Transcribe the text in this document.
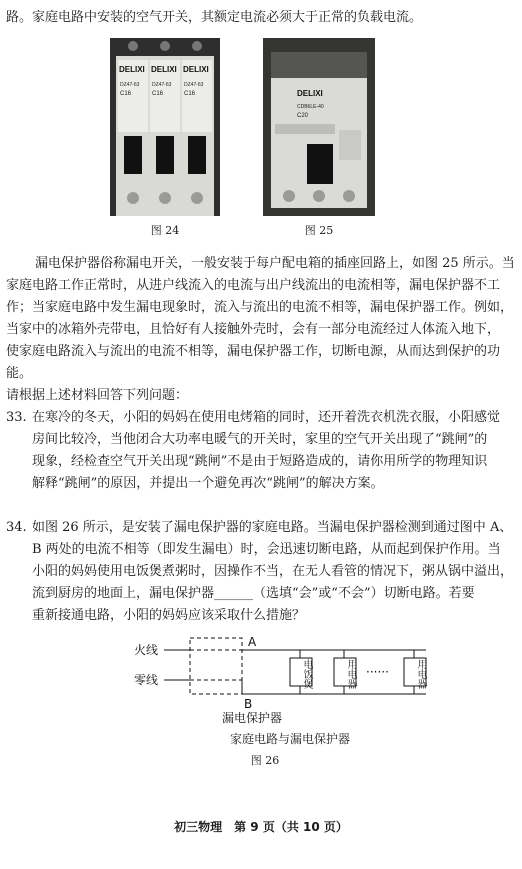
路。家庭电路中安装的空气开关，其额定电流必须大于正常的负载电流。
DELIXI DELIXI DELIXI
DZ47-63	DZ47-63	DZ47-63
C16	C16	C16
图 24
DELIXI
CDB6LE-40
C20
图 25
漏电保护器俗称漏电开关，一般安装于每户配电箱的插座回路上，如图 25 所示。当
家庭电路工作正常时，从进户线流入的电流与出户线流出的电流相等，漏电保护器不工
作；当家庭电路中发生漏电现象时，流入与流出的电流不相等，漏电保护器工作。例如，
当家中的冰箱外壳带电，且恰好有人接触外壳时，会有一部分电流经过人体流入地下，
使家庭电路流入与流出的电流不相等，漏电保护器工作，切断电源，从而达到保护的功
能。
请根据上述材料回答下列问题：
33. 在寒冷的冬天，小阳的妈妈在使用电烤箱的同时，还开着洗衣机洗衣服，小阳感觉
房间比较冷，当他闭合大功率电暖气的开关时，家里的空气开关出现了“跳闸”的
现象，经检查空气开关出现“跳闸”不是由于短路造成的，请你用所学的物理知识
解释“跳闸”的原因，并提出一个避免再次“跳闸”的解决方案。
34. 如图 26 所示，是安装了漏电保护器的家庭电路。当漏电保护器检测到通过图中 A、
B 两处的电流不相等（即发生漏电）时，会迅速切断电路，从而起到保护作用。当
小阳的妈妈使用电饭煲煮粥时，因操作不当，在无人看管的情况下，粥从锅中溢出，
流到厨房的地面上，漏电保护器______（选填“会”或“不会”）切断电路。若要
重新接通电路，小阳的妈妈应该采取什么措施？
火线
零线
A
B
······
漏电保护器
电饭煲	用电器	用电器
家庭电路与漏电保护器
图 26
初三物理　第 9 页（共 10 页）
